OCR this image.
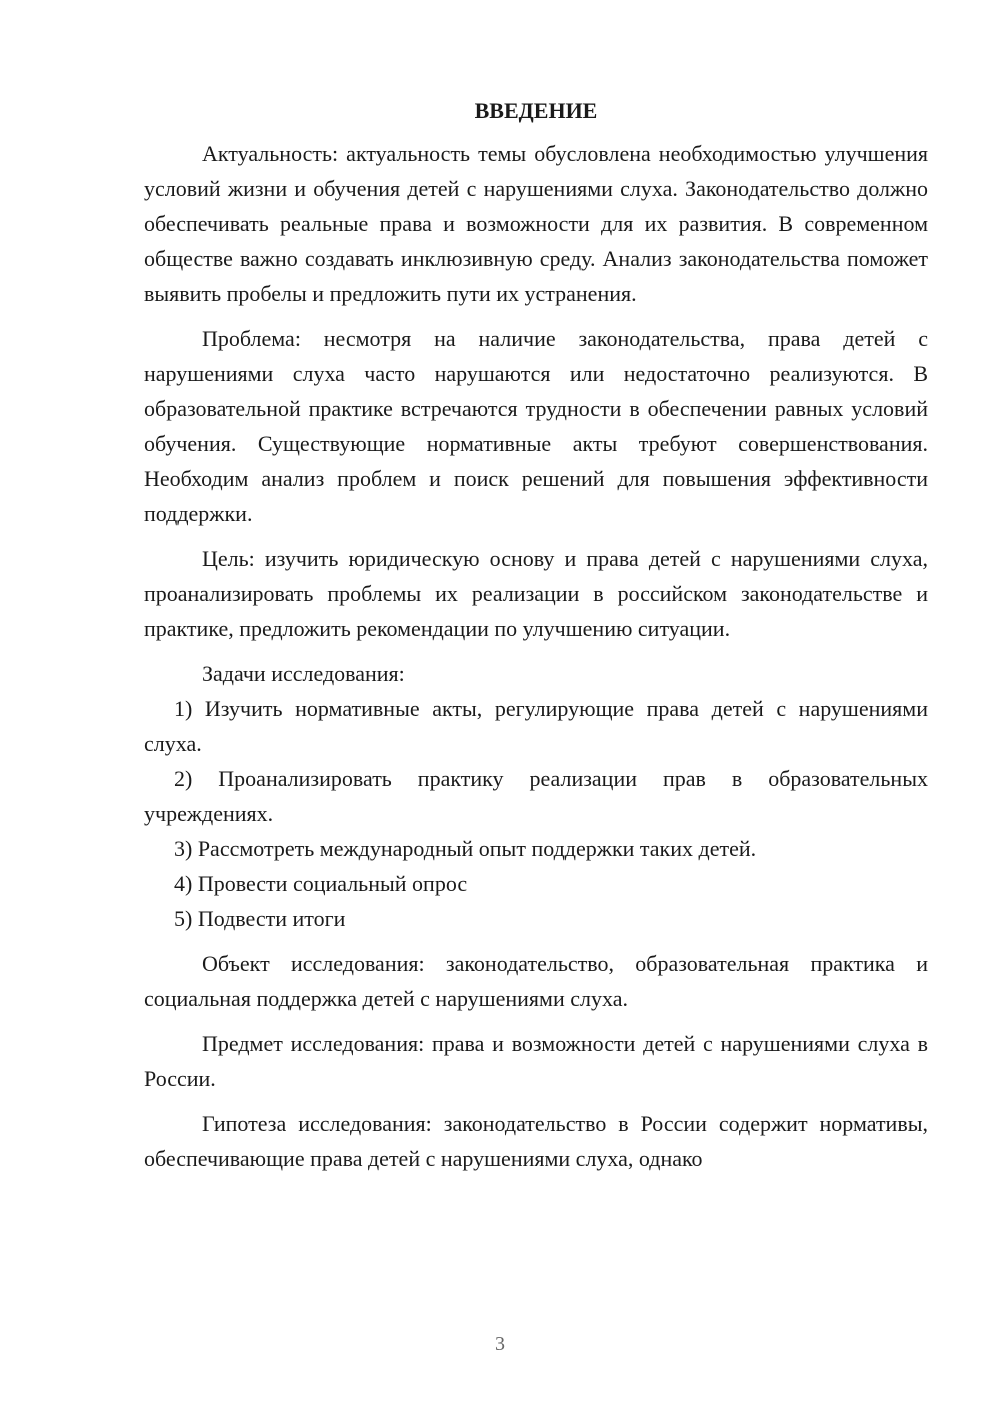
ВВЕДЕНИЕ

Актуальность: актуальность темы обусловлена необходимостью улучшения условий жизни и обучения детей с нарушениями слуха. Законодательство должно обеспечивать реальные права и возможности для их развития. В современном обществе важно создавать инклюзивную среду. Анализ законодательства поможет выявить пробелы и предложить пути их устранения.

Проблема: несмотря на наличие законодательства, права детей с нарушениями слуха часто нарушаются или недостаточно реализуются. В образовательной практике встречаются трудности в обеспечении равных условий обучения. Существующие нормативные акты требуют совершенствования. Необходим анализ проблем и поиск решений для повышения эффективности поддержки.

Цель: изучить юридическую основу и права детей с нарушениями слуха, проанализировать проблемы их реализации в российском законодательстве и практике, предложить рекомендации по улучшению ситуации.

Задачи исследования:

1) Изучить нормативные акты, регулирующие права детей с нарушениями слуха.

2) Проанализировать практику реализации прав в образовательных учреждениях.

3) Рассмотреть международный опыт поддержки таких детей.

4) Провести социальный опрос

5) Подвести итоги

Объект исследования: законодательство, образовательная практика и социальная поддержка детей с нарушениями слуха.

Предмет исследования: права и возможности детей с нарушениями слуха в России.

Гипотеза исследования: законодательство в России содержит нормативы, обеспечивающие права детей с нарушениями слуха, однако

3
